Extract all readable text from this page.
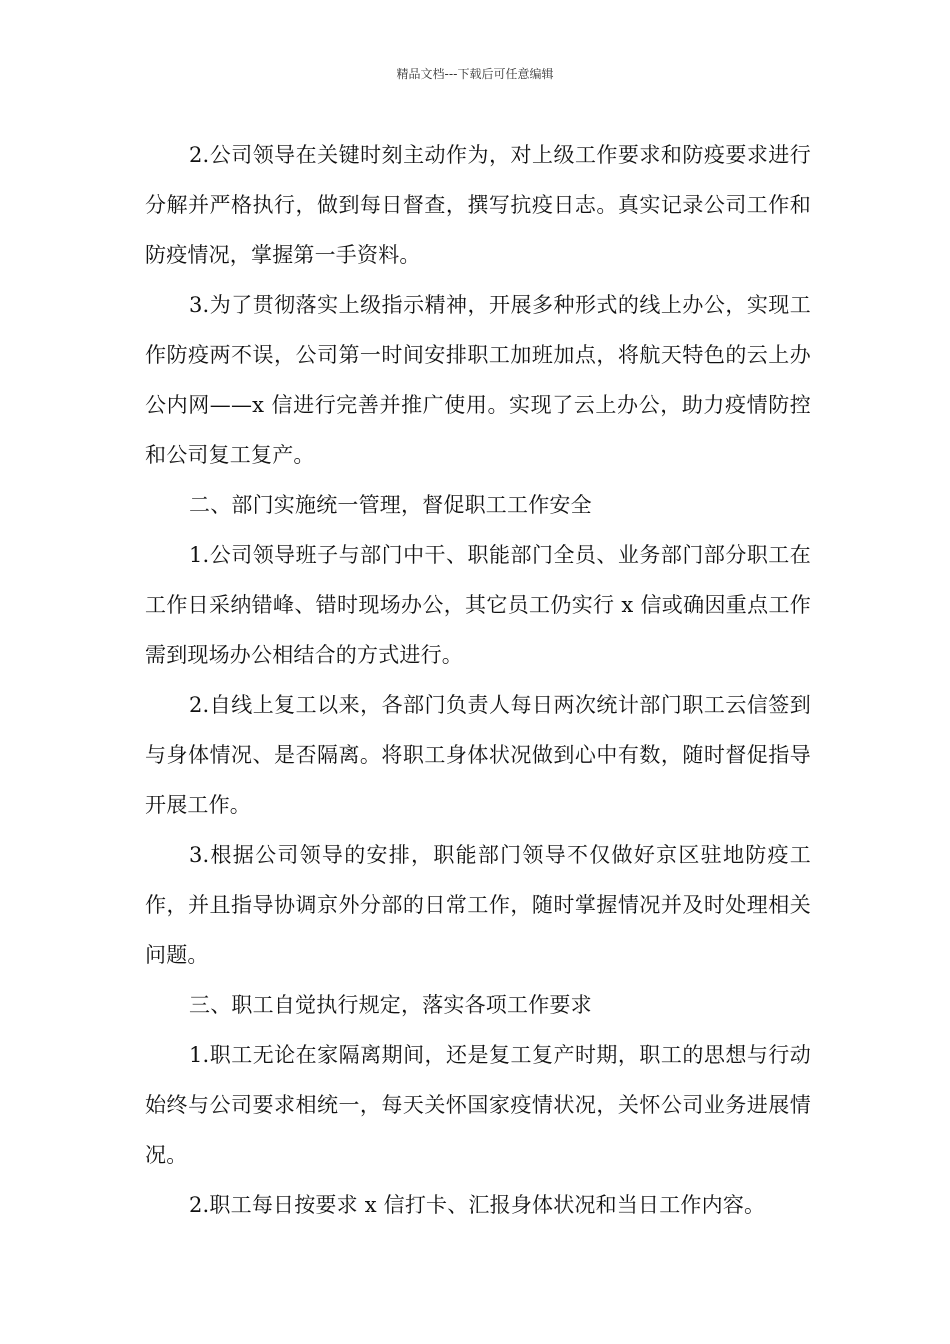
精品文档---下载后可任意编辑

2.公司领导在关键时刻主动作为，对上级工作要求和防疫要求进行分解并严格执行，做到每日督查，撰写抗疫日志。真实记录公司工作和防疫情况，掌握第一手资料。

3.为了贯彻落实上级指示精神，开展多种形式的线上办公，实现工作防疫两不误，公司第一时间安排职工加班加点，将航天特色的云上办公内网——x 信进行完善并推广使用。实现了云上办公，助力疫情防控和公司复工复产。

二、部门实施统一管理，督促职工工作安全

1.公司领导班子与部门中干、职能部门全员、业务部门部分职工在工作日采纳错峰、错时现场办公，其它员工仍实行 x 信或确因重点工作需到现场办公相结合的方式进行。

2.自线上复工以来，各部门负责人每日两次统计部门职工云信签到与身体情况、是否隔离。将职工身体状况做到心中有数，随时督促指导开展工作。

3.根据公司领导的安排，职能部门领导不仅做好京区驻地防疫工作，并且指导协调京外分部的日常工作，随时掌握情况并及时处理相关问题。

三、职工自觉执行规定，落实各项工作要求

1.职工无论在家隔离期间，还是复工复产时期，职工的思想与行动始终与公司要求相统一，每天关怀国家疫情状况，关怀公司业务进展情况。

2.职工每日按要求 x 信打卡、汇报身体状况和当日工作内容。
